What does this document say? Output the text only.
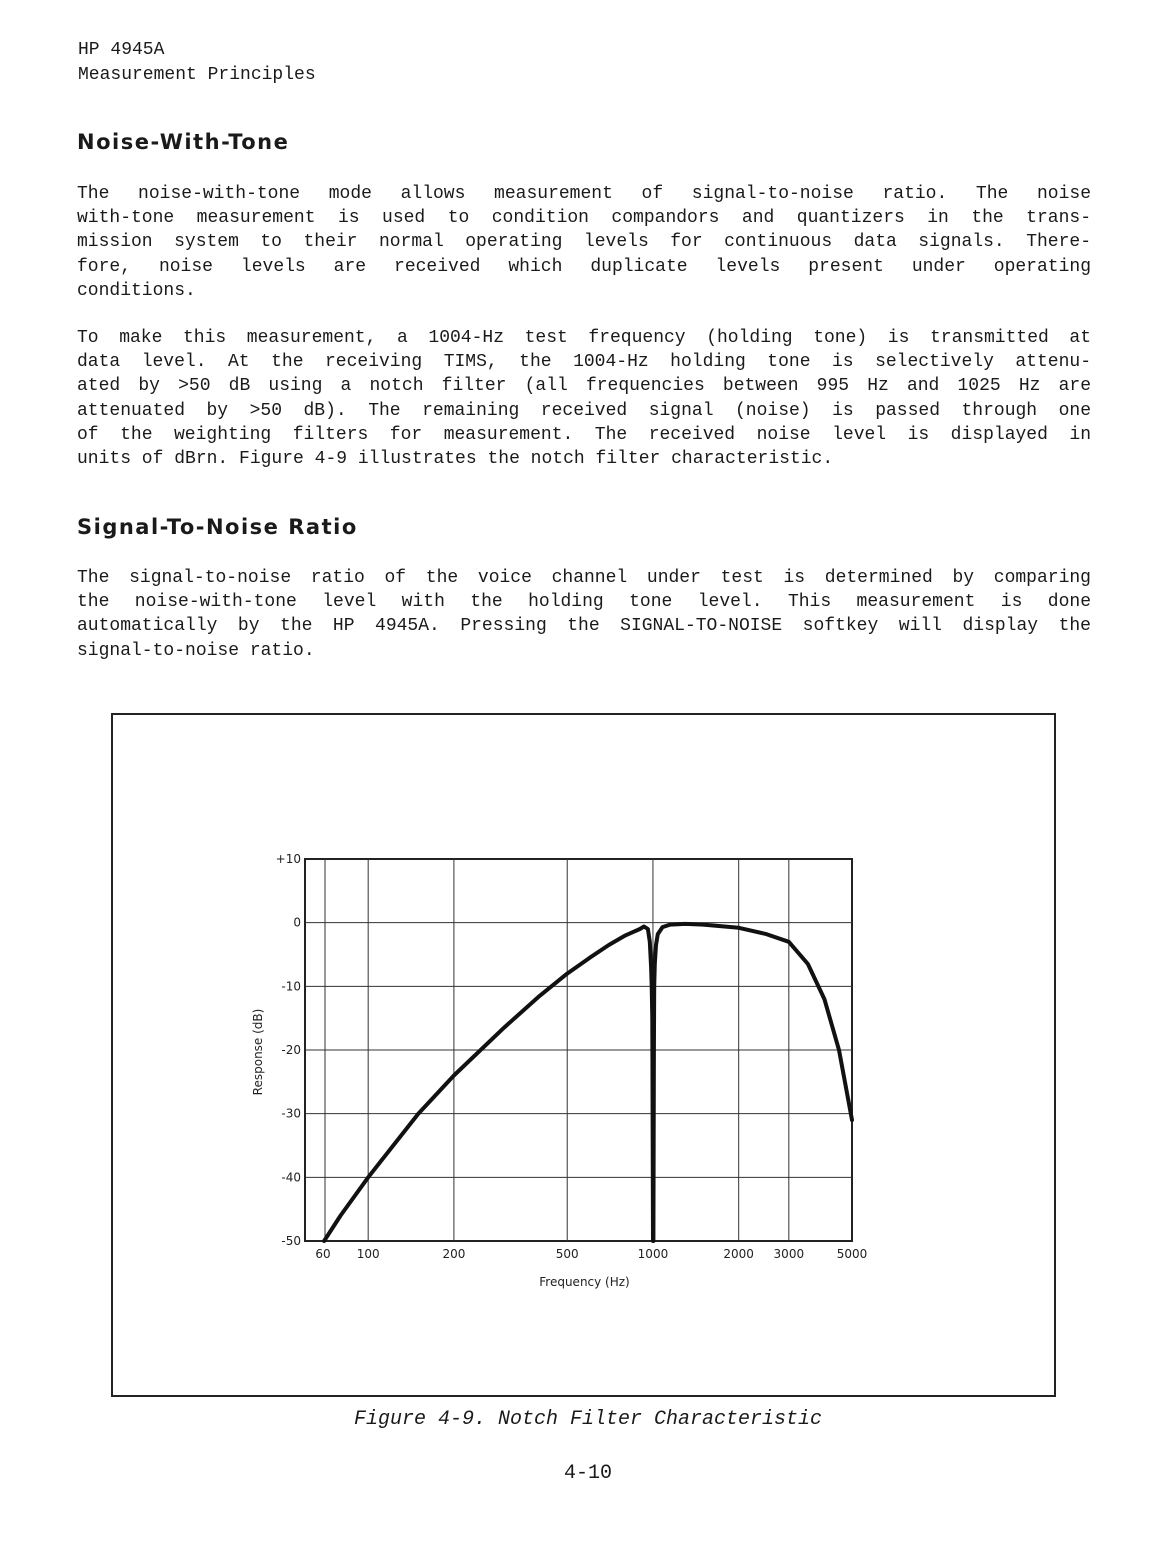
HP 4945A
Measurement Principles
Noise-With-Tone
The noise-with-tone mode allows measurement of signal-to-noise ratio. The noise
with-tone measurement is used to condition compandors and quantizers in the trans-
mission system to their normal operating levels for continuous data signals. There-
fore, noise levels are received which duplicate levels present under operating
conditions.
To make this measurement, a 1004-Hz test frequency (holding tone) is transmitted at
data level. At the receiving TIMS, the 1004-Hz holding tone is selectively attenu-
ated by >50 dB using a notch filter (all frequencies between 995 Hz and 1025 Hz are
attenuated by >50 dB). The remaining received signal (noise) is passed through one
of the weighting filters for measurement. The received noise level is displayed in
units of dBrn. Figure 4-9 illustrates the notch filter characteristic.
Signal-To-Noise Ratio
The signal-to-noise ratio of the voice channel under test is determined by comparing
the noise-with-tone level with the holding tone level. This measurement is done
automatically by the HP 4945A. Pressing the SIGNAL-TO-NOISE softkey will display the
signal-to-noise ratio.
+10
0
-10
-20
-30
-40
-50
60 100	200	500	1000	2000 3000	5000
Frequency (Hz)
Response (dB)
Figure 4-9. Notch Filter Characteristic
4-10
